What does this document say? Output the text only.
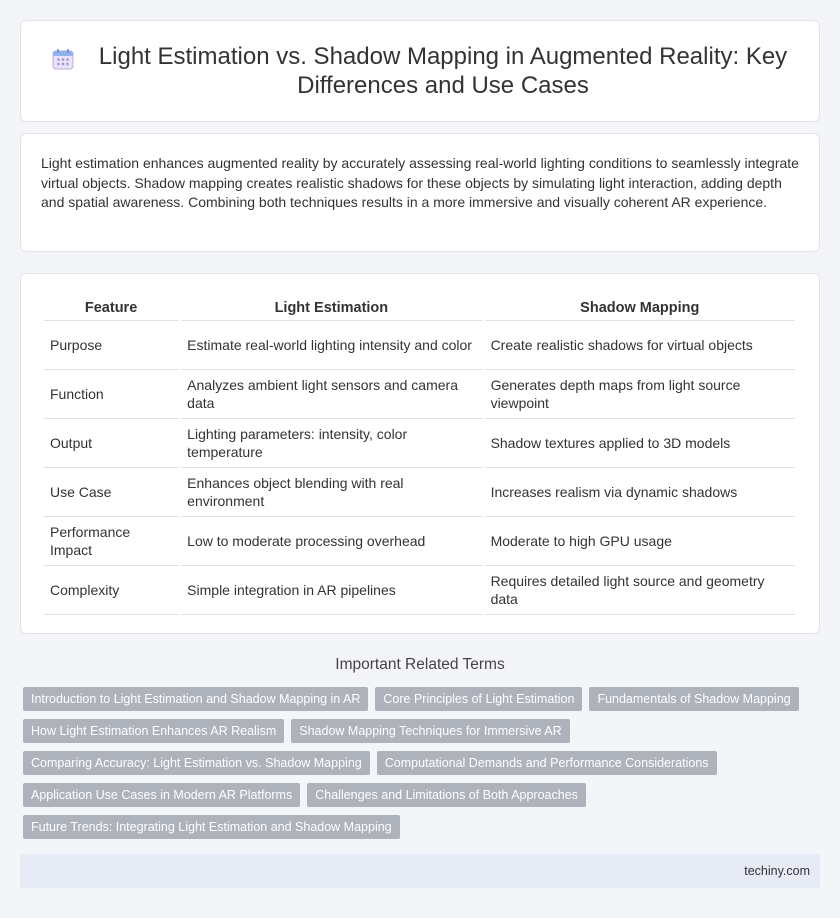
Light Estimation vs. Shadow Mapping in Augmented Reality: Key Differences and Use Cases

Light estimation enhances augmented reality by accurately assessing real-world lighting conditions to seamlessly integrate virtual objects. Shadow mapping creates realistic shadows for these objects by simulating light interaction, adding depth and spatial awareness. Combining both techniques results in a more immersive and visually coherent AR experience.

Feature	Light Estimation	Shadow Mapping
Purpose	Estimate real-world lighting intensity and color	Create realistic shadows for virtual objects
Function	Analyzes ambient light sensors and camera data	Generates depth maps from light source viewpoint
Output	Lighting parameters: intensity, color temperature	Shadow textures applied to 3D models
Use Case	Enhances object blending with real environment	Increases realism via dynamic shadows
Performance Impact	Low to moderate processing overhead	Moderate to high GPU usage
Complexity	Simple integration in AR pipelines	Requires detailed light source and geometry data
Important Related Terms
Introduction to Light Estimation and Shadow Mapping in AR	Core Principles of Light Estimation	Fundamentals of Shadow Mapping
How Light Estimation Enhances AR Realism	Shadow Mapping Techniques for Immersive AR
Comparing Accuracy: Light Estimation vs. Shadow Mapping	Computational Demands and Performance Considerations
Application Use Cases in Modern AR Platforms	Challenges and Limitations of Both Approaches
Future Trends: Integrating Light Estimation and Shadow Mapping
techiny.com
